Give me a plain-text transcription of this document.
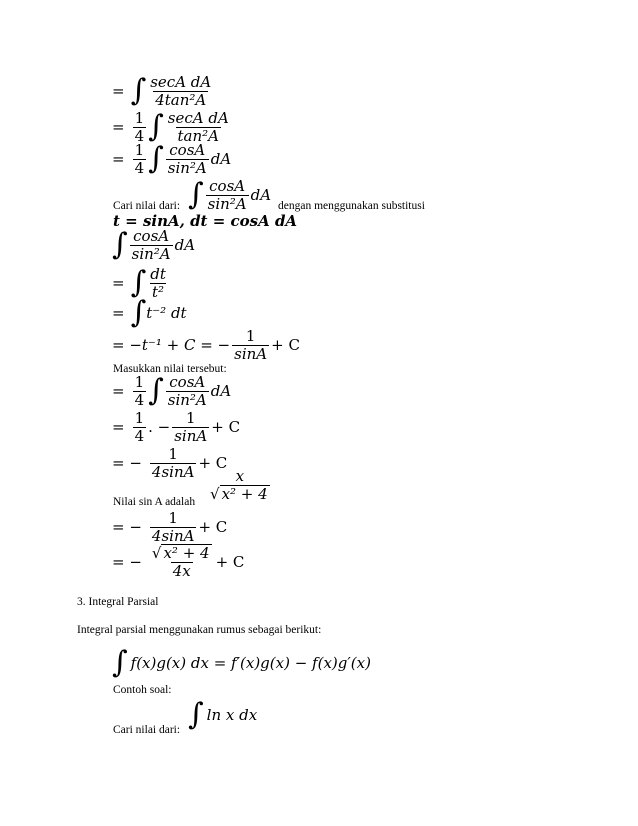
= ∫ $\frac{\text{secA dA}}{\text{4tan²A}}$
= $\frac{1}{4}$ ∫ $\frac{\text{secA dA}}{\text{tan²A}}$
= $\frac{1}{4}$ ∫ $\frac{\cos A}{\text{sin²A}}$ dA
Cari nilai dari: ∫ $\frac{\cos A}{\text{sin²A}}$ dA
dengan menggunakan substitusi
t = sinA, dt = cosA dA
∫ $\frac{\cos A}{\text{sin²A}}$ dA
= ∫ $\frac{dt}{\text{t²}}$
= ∫ t⁻² dt
= −t⁻¹ + C = − $\frac{1}{\sin A} + C$
Masukkan nilai tersebut:
= $\frac{1}{4}$ ∫ $\frac{\cos A}{\text{sin²A}}$ dA
= $\frac{1}{4}$ . − $\frac{1}{\sin A} + C$
= − $\frac{1}{4\sin A} + C$
Nilai sin A adalah
x
√ x² + 4
= − $\frac{1}{4\sin A} + C$
= − $\frac{\text{√ x² + 4}}{4x} + C$
3. Integral Parsial
Integral parsial menggunakan rumus sebagai berikut:
∫ f(x)g(x) dx = f′(x)g(x) − f(x)g′(x)
Contoh soal:
Cari nilai dari: ∫ ln x dx
